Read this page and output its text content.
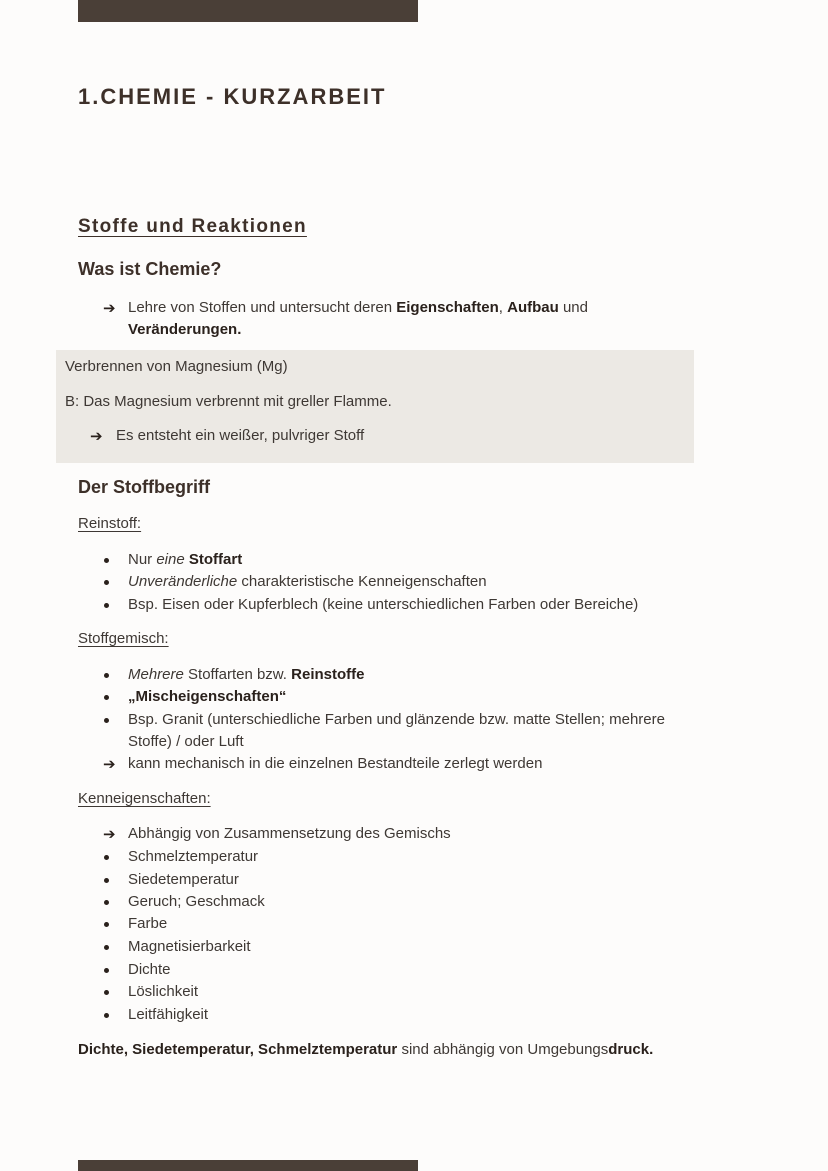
1.CHEMIE - KURZARBEIT
Stoffe und Reaktionen
Was ist Chemie?
➔ Lehre von Stoffen und untersucht deren Eigenschaften, Aufbau und
Veränderungen.
Verbrennen von Magnesium (Mg)
B: Das Magnesium verbrennt mit greller Flamme.
➔ Es entsteht ein weißer, pulvriger Stoff
Der Stoffbegriff
Reinstoff:
Nur eine Stoffart
Unveränderliche charakteristische Kenneigenschaften
Bsp. Eisen oder Kupferblech (keine unterschiedlichen Farben oder Bereiche)
Stoffgemisch:
Mehrere Stoffarten bzw. Reinstoffe
„Mischeigenschaften“
Bsp. Granit (unterschiedliche Farben und glänzende bzw. matte Stellen; mehrere
Stoffe) / oder Luft
➔ kann mechanisch in die einzelnen Bestandteile zerlegt werden
Kenneigenschaften:
➔ Abhängig von Zusammensetzung des Gemischs
Schmelztemperatur
Siedetemperatur
Geruch; Geschmack
Farbe
Magnetisierbarkeit
Dichte
Löslichkeit
Leitfähigkeit
Dichte, Siedetemperatur, Schmelztemperatur sind abhängig von Umgebungsdruck.
